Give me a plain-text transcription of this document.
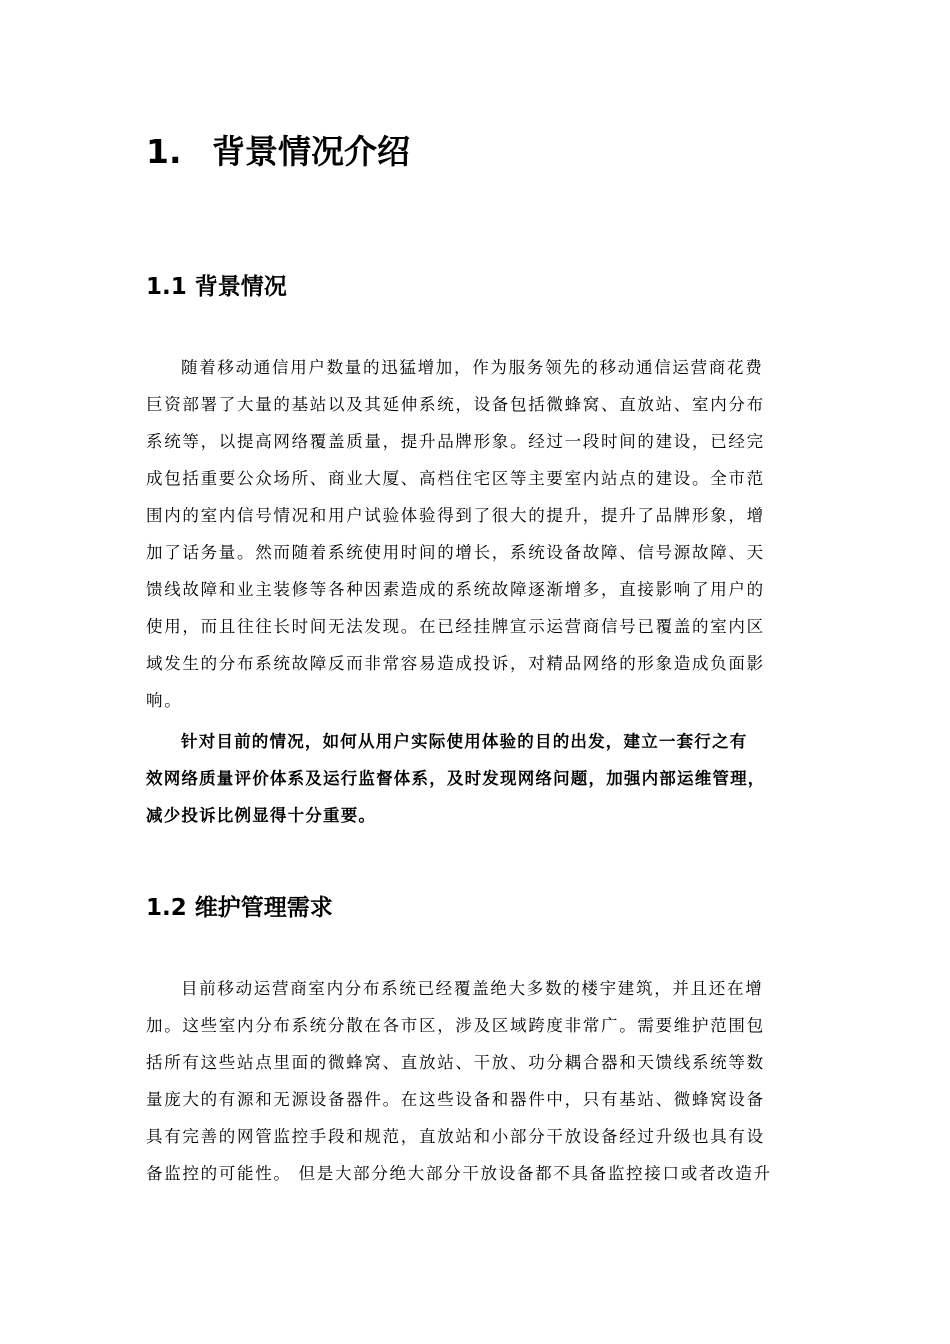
1. 背景情况介绍
1.1 背景情况
随着移动通信用户数量的迅猛增加，作为服务领先的移动通信运营商花费
巨资部署了大量的基站以及其延伸系统，设备包括微蜂窝、直放站、室内分布
系统等，以提高网络覆盖质量，提升品牌形象。经过一段时间的建设，已经完
成包括重要公众场所、商业大厦、高档住宅区等主要室内站点的建设。全市范
围内的室内信号情况和用户试验体验得到了很大的提升，提升了品牌形象，增
加了话务量。然而随着系统使用时间的增长，系统设备故障、信号源故障、天
馈线故障和业主装修等各种因素造成的系统故障逐渐增多，直接影响了用户的
使用，而且往往长时间无法发现。在已经挂牌宣示运营商信号已覆盖的室内区
域发生的分布系统故障反而非常容易造成投诉，对精品网络的形象造成负面影
响。
针对目前的情况，如何从用户实际使用体验的目的出发，建立一套行之有
效网络质量评价体系及运行监督体系，及时发现网络问题，加强内部运维管理，
减少投诉比例显得十分重要。
1.2 维护管理需求
目前移动运营商室内分布系统已经覆盖绝大多数的楼宇建筑，并且还在增
加。这些室内分布系统分散在各市区，涉及区域跨度非常广。需要维护范围包
括所有这些站点里面的微蜂窝、直放站、干放、功分耦合器和天馈线系统等数
量庞大的有源和无源设备器件。在这些设备和器件中，只有基站、微蜂窝设备
具有完善的网管监控手段和规范，直放站和小部分干放设备经过升级也具有设
备监控的可能性。 但是大部分绝大部分干放设备都不具备监控接口或者改造升
